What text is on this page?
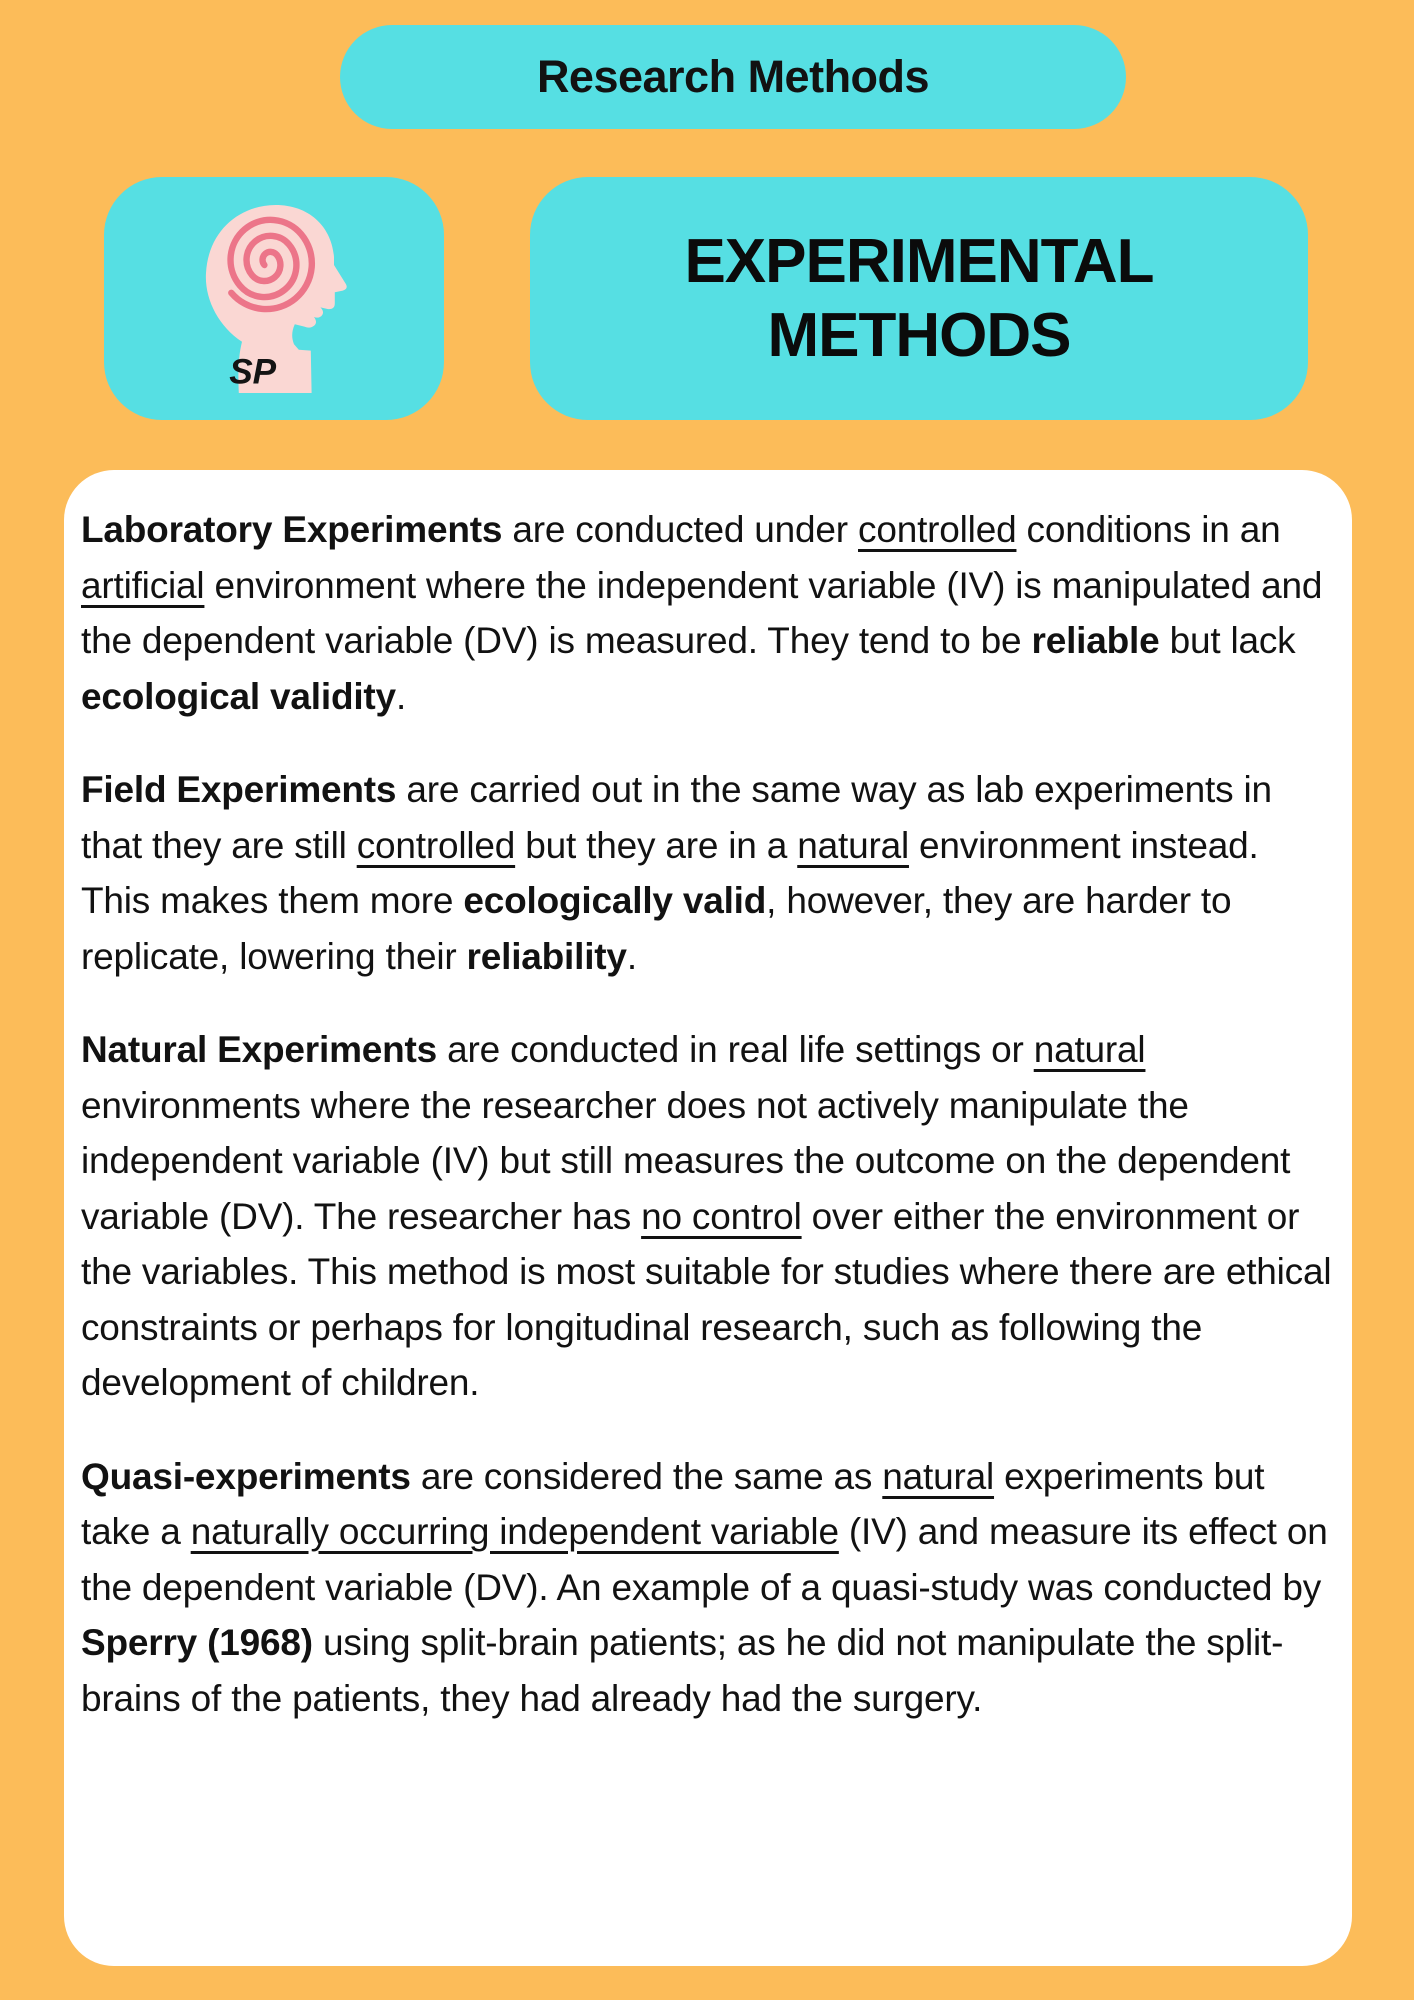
Research Methods
SP
EXPERIMENTAL METHODS

Laboratory Experiments are conducted under controlled conditions in an artificial environment where the independent variable (IV) is manipulated and the dependent variable (DV) is measured. They tend to be reliable but lack ecological validity.

Field Experiments are carried out in the same way as lab experiments in that they are still controlled but they are in a natural environment instead. This makes them more ecologically valid, however, they are harder to replicate, lowering their reliability.

Natural Experiments are conducted in real life settings or natural environments where the researcher does not actively manipulate the independent variable (IV) but still measures the outcome on the dependent variable (DV). The researcher has no control over either the environment or the variables. This method is most suitable for studies where there are ethical constraints or perhaps for longitudinal research, such as following the development of children.

Quasi-experiments are considered the same as natural experiments but take a naturally occurring independent variable (IV) and measure its effect on the dependent variable (DV). An example of a quasi-study was conducted by Sperry (1968) using split-brain patients; as he did not manipulate the split-brains of the patients, they had already had the surgery.
